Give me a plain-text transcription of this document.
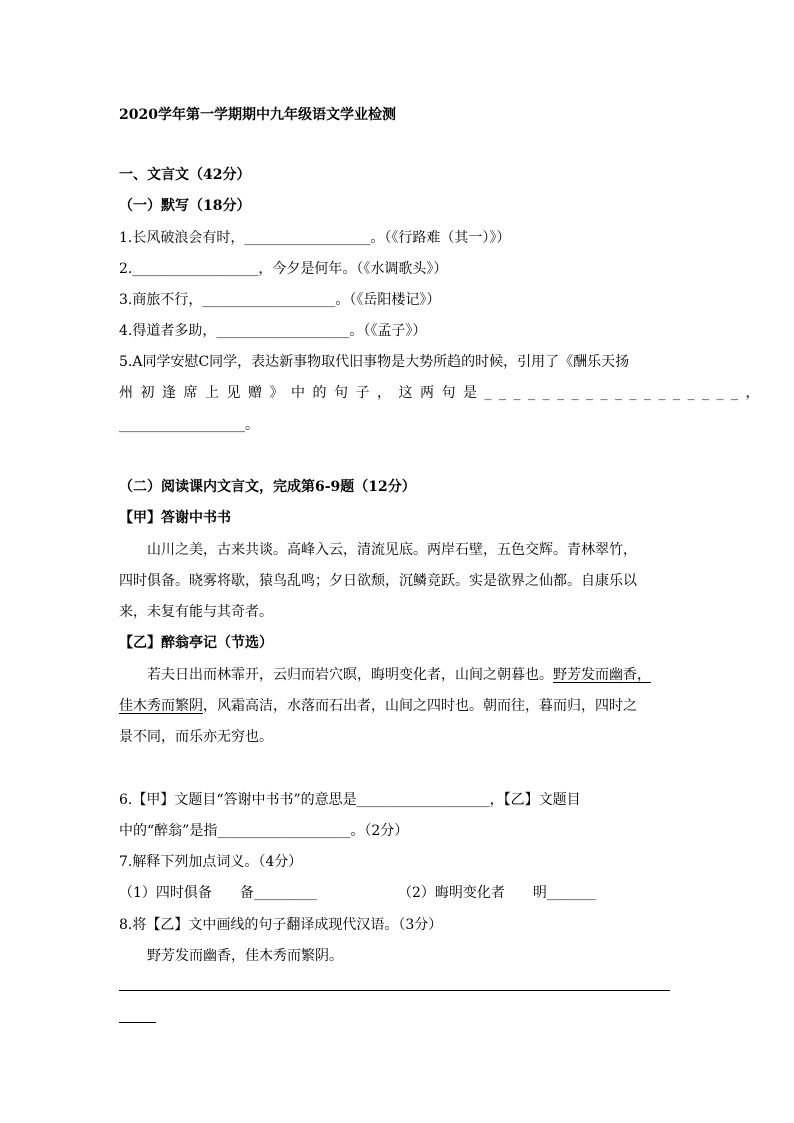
2020学年第一学期期中九年级语文学业检测
一、文言文（42分）
（一）默写（18分）
1.长风破浪会有时，__________________。（《行路难（其一）》）
2.__________________，今夕是何年。（《水调歌头》）
3.商旅不行，___________________。（《岳阳楼记》）
4.得道者多助，___________________。（《孟子》）
5.A同学安慰C同学，表达新事物取代旧事物是大势所趋的时候，引用了《酬乐天扬
州初逢席上见赠》中的句子，这两句是__________________，
__________________。
（二）阅读课内文言文，完成第6-9题（12分）
【甲】答谢中书书
山川之美，古来共谈。高峰入云，清流见底。两岸石壁，五色交辉。青林翠竹，
四时俱备。晓雾将歇，猿鸟乱鸣；夕日欲颓，沉鳞竞跃。实是欲界之仙都。自康乐以
来，未复有能与其奇者。
【乙】醉翁亭记（节选）
若夫日出而林霏开，云归而岩穴暝，晦明变化者，山间之朝暮也。野芳发而幽香，
佳木秀而繁阴，风霜高洁，水落而石出者，山间之四时也。朝而往，暮而归，四时之
景不同，而乐亦无穷也。
6.【甲】文题目“答谢中书书”的意思是___________________，【乙】文题目
中的“醉翁”是指___________________。（2分）
7.解释下列加点词义。（4分）
（1）四时俱备　　备_________	（2）晦明变化者　　明_______
8.将【乙】文中画线的句子翻译成现代汉语。（3分）
野芳发而幽香，佳木秀而繁阴。
